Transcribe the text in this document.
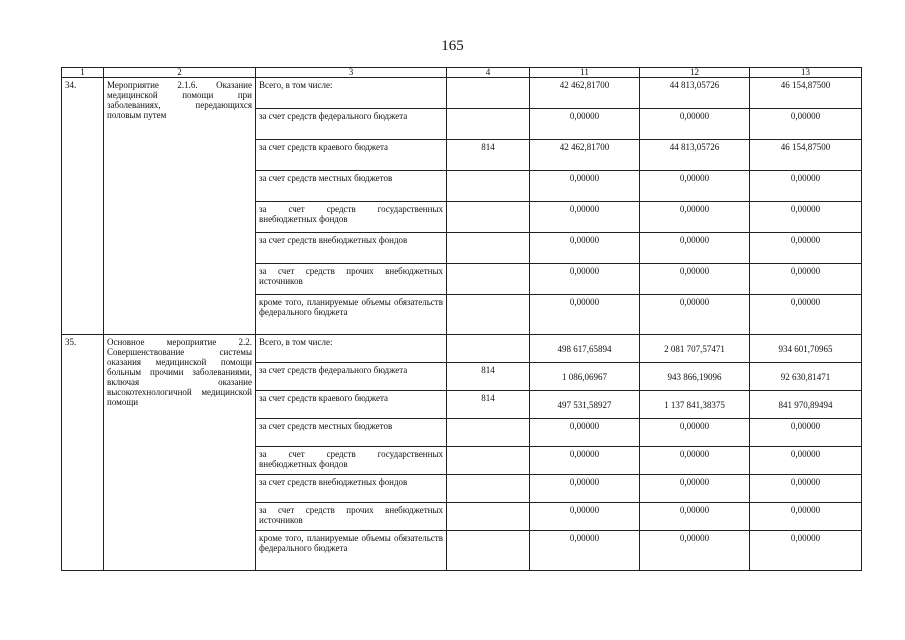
165
1	2	3	4	11	12	13
34.	Мероприятие 2.1.6. Оказание медицинской помощи при заболеваниях, передающихся половым путем	Всего, в том числе:		42 462,81700	44 813,05726	46 154,87500
		за счет средств федерального бюджета		0,00000	0,00000	0,00000
		за счет средств краевого бюджета	814	42 462,81700	44 813,05726	46 154,87500
		за счет средств местных бюджетов		0,00000	0,00000	0,00000
		за счет средств государственных внебюджетных фондов		0,00000	0,00000	0,00000
		за счет средств внебюджетных фондов		0,00000	0,00000	0,00000
		за счет средств прочих внебюджетных источников		0,00000	0,00000	0,00000
		кроме того, планируемые объемы обязательств федерального бюджета		0,00000	0,00000	0,00000
35.	Основное мероприятие 2.2. Совершенствование системы оказания медицинской помощи больным прочими заболеваниями, включая оказание высокотехнологичной медицинской помощи	Всего, в том числе:		498 617,65894	2 081 707,57471	934 601,70965
		за счет средств федерального бюджета	814	1 086,06967	943 866,19096	92 630,81471
		за счет средств краевого бюджета	814	497 531,58927	1 137 841,38375	841 970,89494
		за счет средств местных бюджетов		0,00000	0,00000	0,00000
		за счет средств государственных внебюджетных фондов		0,00000	0,00000	0,00000
		за счет средств внебюджетных фондов		0,00000	0,00000	0,00000
		за счет средств прочих внебюджетных источников		0,00000	0,00000	0,00000
		кроме того, планируемые объемы обязательств федерального бюджета		0,00000	0,00000	0,00000
